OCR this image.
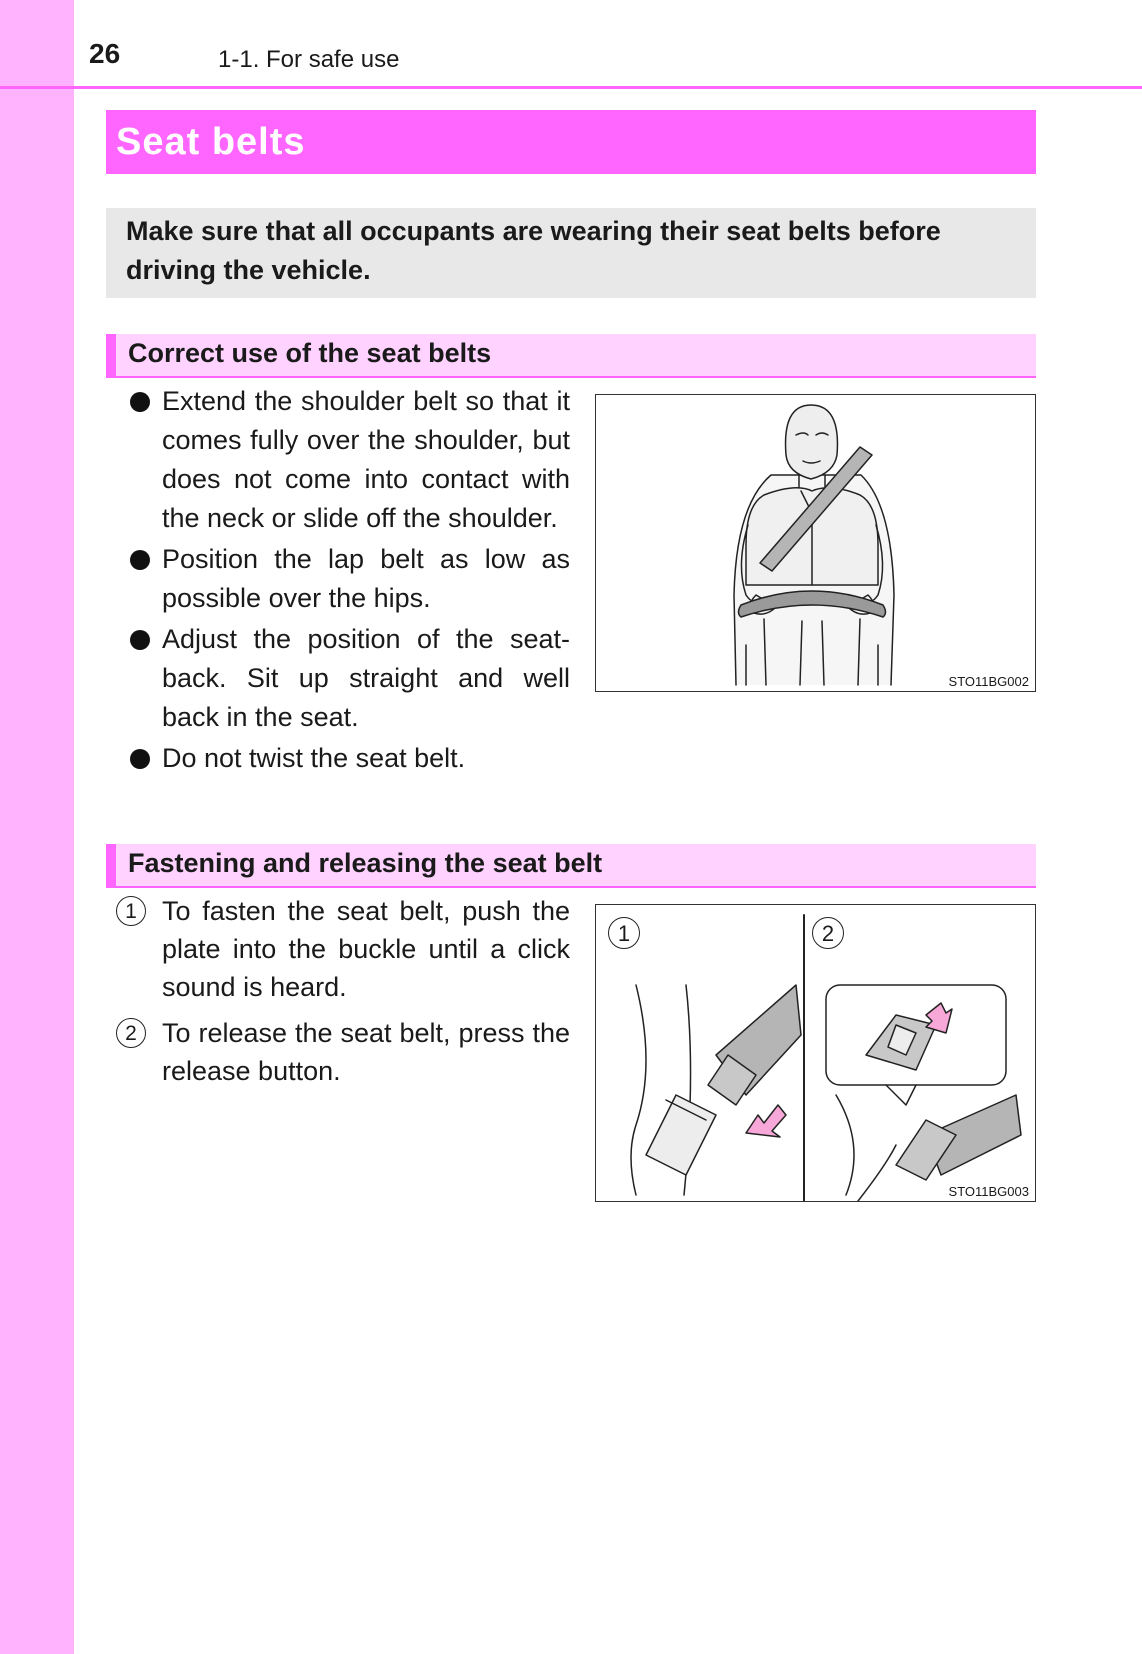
26	1-1. For safe use
Seat belts
Make sure that all occupants are wearing their seat belts before driving the vehicle.
Correct use of the seat belts
Extend the shoulder belt so that it comes fully over the shoulder, but does not come into contact with the neck or slide off the shoulder.
Position the lap belt as low as possible over the hips.
Adjust the position of the seat-back. Sit up straight and well back in the seat.
Do not twist the seat belt.
STO11BG002
Fastening and releasing the seat belt
1 To fasten the seat belt, push the plate into the buckle until a click sound is heard.
2 To release the seat belt, press the release button.
1	2
STO11BG003
